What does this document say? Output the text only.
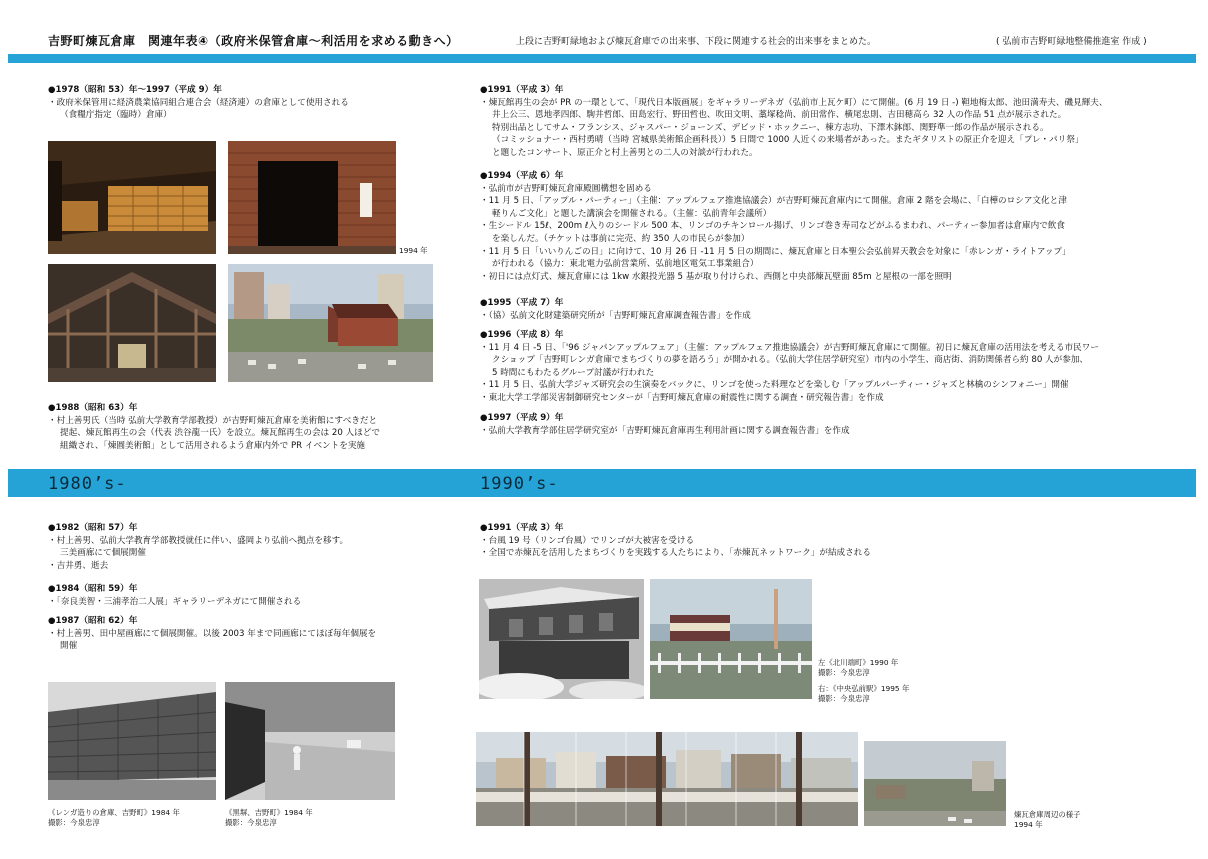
吉野町煉瓦倉庫　関連年表④（政府米保管倉庫～利活用を求める動きへ）	上段に吉野町緑地および煉瓦倉庫での出来事、下段に関連する社会的出来事をまとめた。	( 弘前市吉野町緑地整備推進室 作成 )
●1978（昭和 53）年～1997（平成 9）年
・政府米保管用に経済農業協同組合連合会（経済連）の倉庫として使用される
（食糧庁指定（臨時）倉庫）
1994 年
●1988（昭和 63）年
・村上善男氏（当時 弘前大学教育学部教授）が吉野町煉瓦倉庫を美術館にすべきだと
提起、煉瓦館再生の会（代表 渋谷龍一氏）を設立。煉瓦館再生の会は 20 人ほどで
組織され、「煉圓美術館」として活用されるよう倉庫内外で PR イベントを実施
●1991（平成 3）年
・煉瓦館再生の会が PR の一環として、「現代日本版画展」をギャラリーデネガ（弘前市上瓦ケ町）にて開催。(6 月 19 日 -) 靼地梅太郎、池田満寿夫、磯見輝夫、
井上公三、恩地孝四郎、駒井哲郎、田島宏行、野田哲也、吹田文明、藁塚稔尚、前田常作、横尾忠則、吉田穂高ら 32 人の作品 51 点が展示された。
特別出品としてサム・フランシス、ジャスパー・ジョーンズ、デビッド・ホックニー、棟方志功、下澤木鉢郎、関野準一郎の作品が展示される。
（コミッショナー・西村勇晴（当時 宮城県美術館企画科長））5 日間で 1000 人近くの来場者があった。またギタリストの原正介を迎え「プレ・パリ祭」
と題したコンサート、原正介と村上善男との二人の対談が行われた。
●1994（平成 6）年
・弘前市が吉野町煉瓦倉庫殿圓構想を固める
・11 月 5 日、「アップル・パーティー」（主催：アップルフェア推進協議会）が吉野町煉瓦倉庫内にて開催。倉庫 2 階を会場に、「白樺のロシア文化と津
軽りんご文化」と題した講演会を開催される。（主催：弘前青年会議所）
・生シードル 15ℓ、200m ℓ入りのシードル 500 本、リンゴのチキンロール揚げ、リンゴ巻き寿司などがふるまわれ、パーティー参加者は倉庫内で飲食
を楽しんだ。（チケットは事前に完売、約 350 人の市民らが参加）
・11 月 5 日「いいりんごの日」に向けて、10 月 26 日 -11 月 5 日の期間に、煉瓦倉庫と日本聖公会弘前昇天教会を対象に「赤レンガ・ライトアップ」
が行われる（協力：東北電力弘前営業所、弘前地区電気工事業組合）
・初日には点灯式、煉瓦倉庫には 1kw 水銀投光器 5 基が取り付けられ、西側と中央部煉瓦壁面 85m と屋根の一部を照明
●1995（平成 7）年
・（協）弘前文化財建築研究所が「吉野町煉瓦倉庫調査報告書」を作成
●1996（平成 8）年
・11 月 4 日 -5 日、「'96 ジャパンアップルフェア」（主催：アップルフェア推進協議会）が吉野町煉瓦倉庫にて開催。初日に煉瓦倉庫の活用法を考える市民ワー
クショップ「吉野町レンガ倉庫でまちづくりの夢を語ろう」が開かれる。（弘前大学住居学研究室）市内の小学生、商店街、消防関係者ら約 80 人が参加、
5 時間にもわたるグループ討議が行われた
・11 月 5 日、弘前大学ジャズ研究会の生演奏をバックに、リンゴを使った料理などを楽しむ「アップルパーティー・ジャズと林檎のシンフォニー」開催
・東北大学工学部災害制御研究センターが「吉野町煉瓦倉庫の耐震性に関する調査・研究報告書」を作成
●1997（平成 9）年
・弘前大学教育学部住居学研究室が「吉野町煉瓦倉庫再生利用計画に関する調査報告書」を作成
1980’s-	1990’s-
●1982（昭和 57）年
・村上善男、弘前大学教育学部教授就任に伴い、盛岡より弘前へ拠点を移す。
三美画廊にて個展開催
・吉井勇、逝去
●1984（昭和 59）年
・「奈良美智・三浦孝治二人展」ギャラリーデネガにて開催される
●1987（昭和 62）年
・村上善男、田中屋画廊にて個展開催。以後 2003 年まで同画廊にてほぼ毎年個展を
開催
《レンガ造りの倉庫、吉野町》1984 年
撮影：今泉忠淳
《黒塀、吉野町》1984 年
撮影：今泉忠淳
●1991（平成 3）年
・台風 19 号（リンゴ台風）でリンゴが大被害を受ける
・全国で赤煉瓦を活用したまちづくりを実践する人たちにより、「赤煉瓦ネットワーク」が結成される
左《北川端町》1990 年
撮影：今泉忠淳
右：《中央弘前駅》1995 年
撮影：今泉忠淳
煉瓦倉庫周辺の様子
1994 年
